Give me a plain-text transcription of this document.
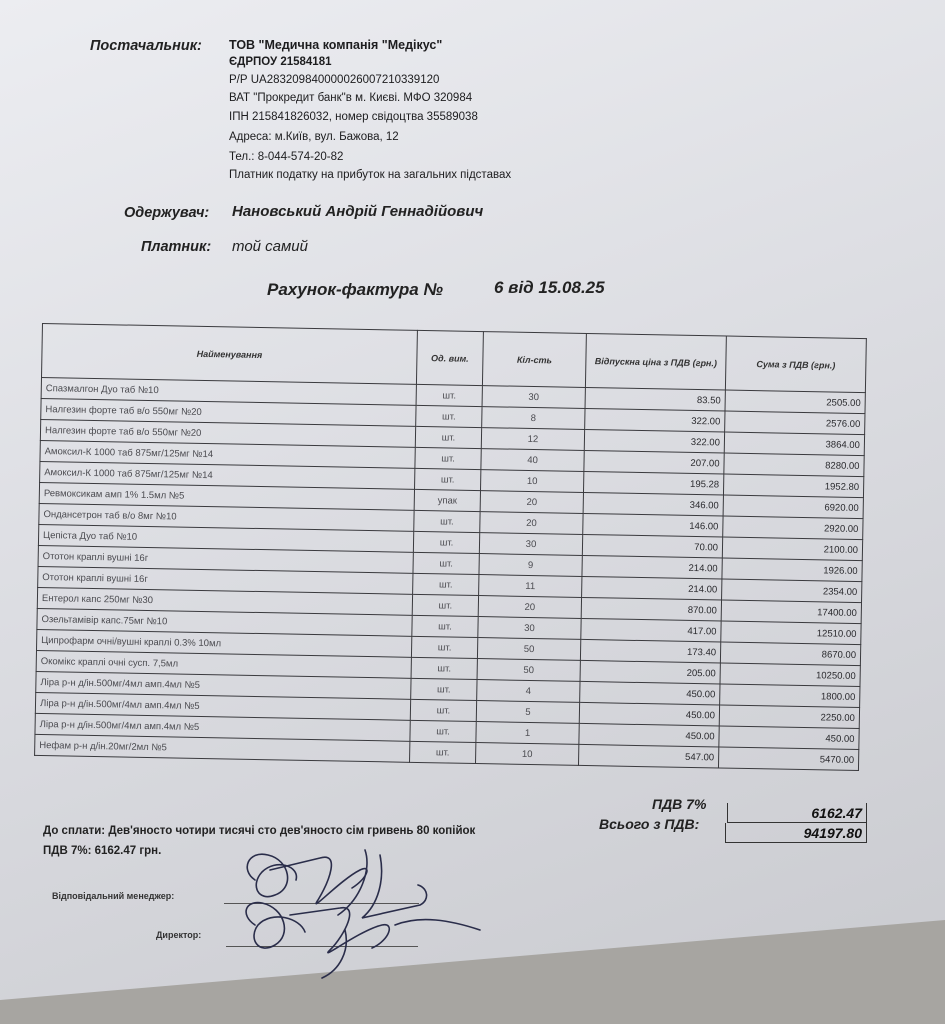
Постачальник: ТОВ "Медична компанія "Медікус"
ЄДРПОУ 21584181
Р/Р UA283209840000026007210339120
ВАТ "Прокредит банк"в м. Києві. МФО 320984
ІПН 215841826032, номер свідоцтва 35589038
Адреса: м.Київ, вул. Бажова, 12
Тел.: 8-044-574-20-82
Платник податку на прибуток на загальних підставах
Одержувач: Нановський Андрій Геннадійович
Платник: той самий
Рахунок-фактура №	6 від 15.08.25
Найменування	Од. вим.	Кіл-сть	Відпускна ціна з ПДВ (грн.)	Сума з ПДВ (грн.)
Спазмалгон Дуо таб №10	шт.	30	83.50	2505.00
Налгезин форте таб в/о 550мг №20	шт.	8	322.00	2576.00
Налгезин форте таб в/о 550мг №20	шт.	12	322.00	3864.00
Амоксил-К 1000 таб 875мг/125мг №14	шт.	40	207.00	8280.00
Амоксил-К 1000 таб 875мг/125мг №14	шт.	10	195.28	1952.80
Ревмоксикам амп 1% 1.5мл №5	упак	20	346.00	6920.00
Ондансетрон таб в/о 8мг №10	шт.	20	146.00	2920.00
Цепіста Дуо таб №10	шт.	30	70.00	2100.00
Ототон краплі вушні 16г	шт.	9	214.00	1926.00
Ототон краплі вушні 16г	шт.	11	214.00	2354.00
Ентерол капс 250мг №30	шт.	20	870.00	17400.00
Озельтамівір капс.75мг №10	шт.	30	417.00	12510.00
Ципрофарм очні/вушні краплі 0.3% 10мл	шт.	50	173.40	8670.00
Окомікс краплі очні сусп. 7,5мл	шт.	50	205.00	10250.00
Ліра р-н д/ін.500мг/4мл амп.4мл №5	шт.	4	450.00	1800.00
Ліра р-н д/ін.500мг/4мл амп.4мл №5	шт.	5	450.00	2250.00
Ліра р-н д/ін.500мг/4мл амп.4мл №5	шт.	1	450.00	450.00
Нефам р-н д/ін.20мг/2мл №5	шт.	10	547.00	5470.00
ПДВ 7%
6162.47
Всього з ПДВ:
94197.80
До сплати: Дев'яносто чотири тисячі сто дев'яносто сім гривень 80 копійок
ПДВ 7%: 6162.47 грн.
Відповідальний менеджер:
Директор:
